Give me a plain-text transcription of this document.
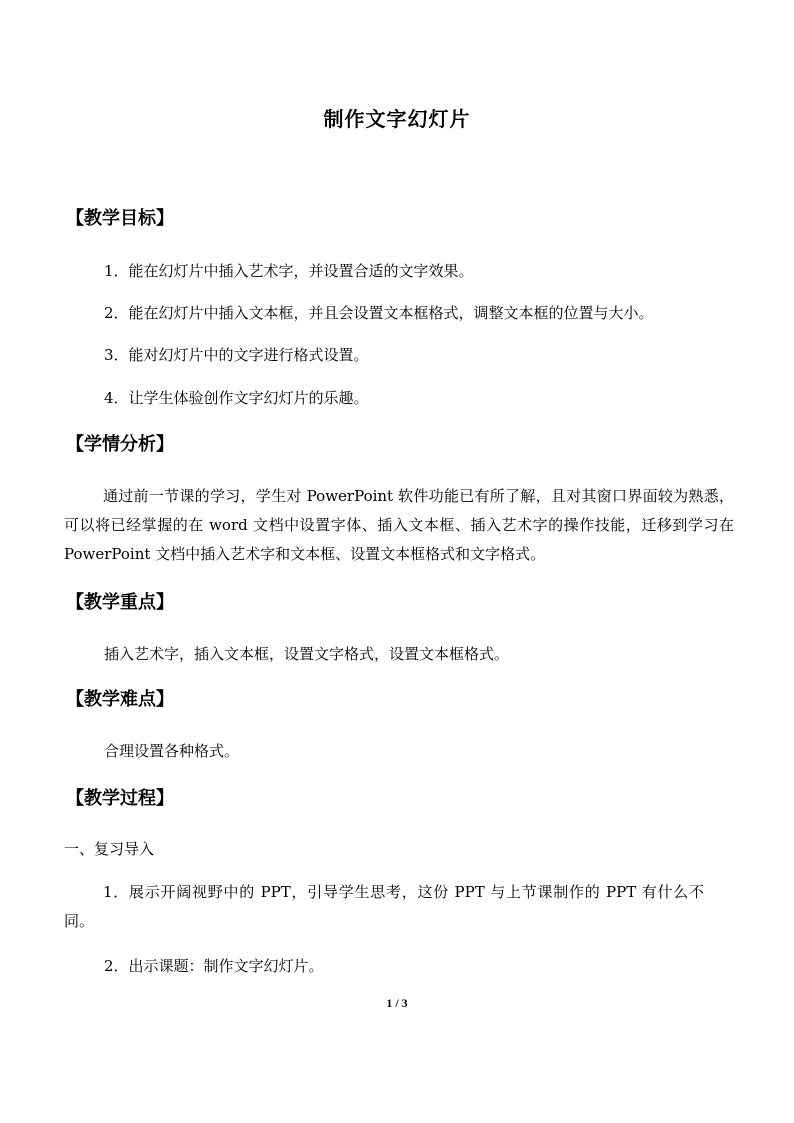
制作文字幻灯片
【教学目标】
1．能在幻灯片中插入艺术字，并设置合适的文字效果。
2．能在幻灯片中插入文本框，并且会设置文本框格式，调整文本框的位置与大小。
3．能对幻灯片中的文字进行格式设置。
4．让学生体验创作文字幻灯片的乐趣。
【学情分析】
通过前一节课的学习，学生对 PowerPoint 软件功能已有所了解，且对其窗口界面较为熟悉，可以将已经掌握的在 word 文档中设置字体、插入文本框、插入艺术字的操作技能，迁移到学习在 PowerPoint 文档中插入艺术字和文本框、设置文本框格式和文字格式。
【教学重点】
插入艺术字，插入文本框，设置文字格式，设置文本框格式。
【教学难点】
合理设置各种格式。
【教学过程】
一、复习导入
1．展示开阔视野中的 PPT，引导学生思考，这份 PPT 与上节课制作的 PPT 有什么不同。
2．出示课题：制作文字幻灯片。
1 / 3
